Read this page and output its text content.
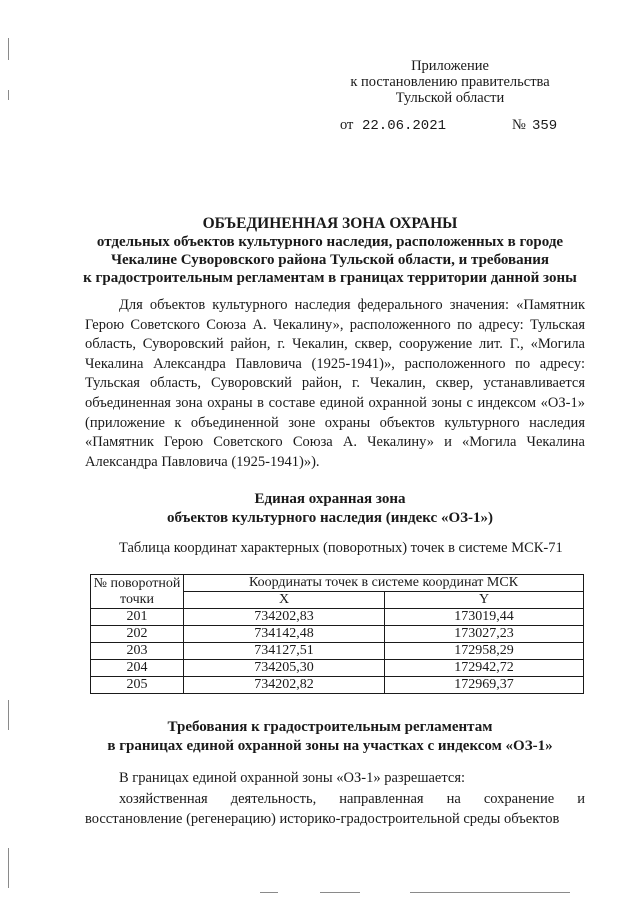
Приложение
к постановлению правительства
Тульской области
от 22.06.2021	№ 359
ОБЪЕДИНЕННАЯ ЗОНА ОХРАНЫ
отдельных объектов культурного наследия, расположенных в городе
Чекалине Суворовского района Тульской области, и требования
к градостроительным регламентам в границах территории данной зоны
Для объектов культурного наследия федерального значения: «Памятник Герою Советского Союза А. Чекалину», расположенного по адресу: Тульская область, Суворовский район, г. Чекалин, сквер, сооружение лит. Г., «Могила Чекалина Александра Павловича (1925-1941)», расположенного по адресу: Тульская область, Суворовский район, г. Чекалин, сквер, устанавливается объединенная зона охраны в составе единой охранной зоны с индексом «ОЗ-1» (приложение к объединенной зоне охраны объектов культурного наследия «Памятник Герою Советского Союза А. Чекалину» и «Могила Чекалина Александра Павловича (1925-1941)»).
Единая охранная зона
объектов культурного наследия (индекс «ОЗ-1»)
Таблица координат характерных (поворотных) точек в системе МСК-71
№ поворотной
точки	Координаты точек в системе координат МСК	
	X	Y
201	734202,83	173019,44
202	734142,48	173027,23
203	734127,51	172958,29
204	734205,30	172942,72
205	734202,82	172969,37
Требования к градостроительным регламентам
в границах единой охранной зоны на участках с индексом «ОЗ-1»
В границах единой охранной зоны «ОЗ-1» разрешается:
хозяйственная деятельность, направленная на сохранение и восстановление (регенерацию) историко-градостроительной среды объектов
